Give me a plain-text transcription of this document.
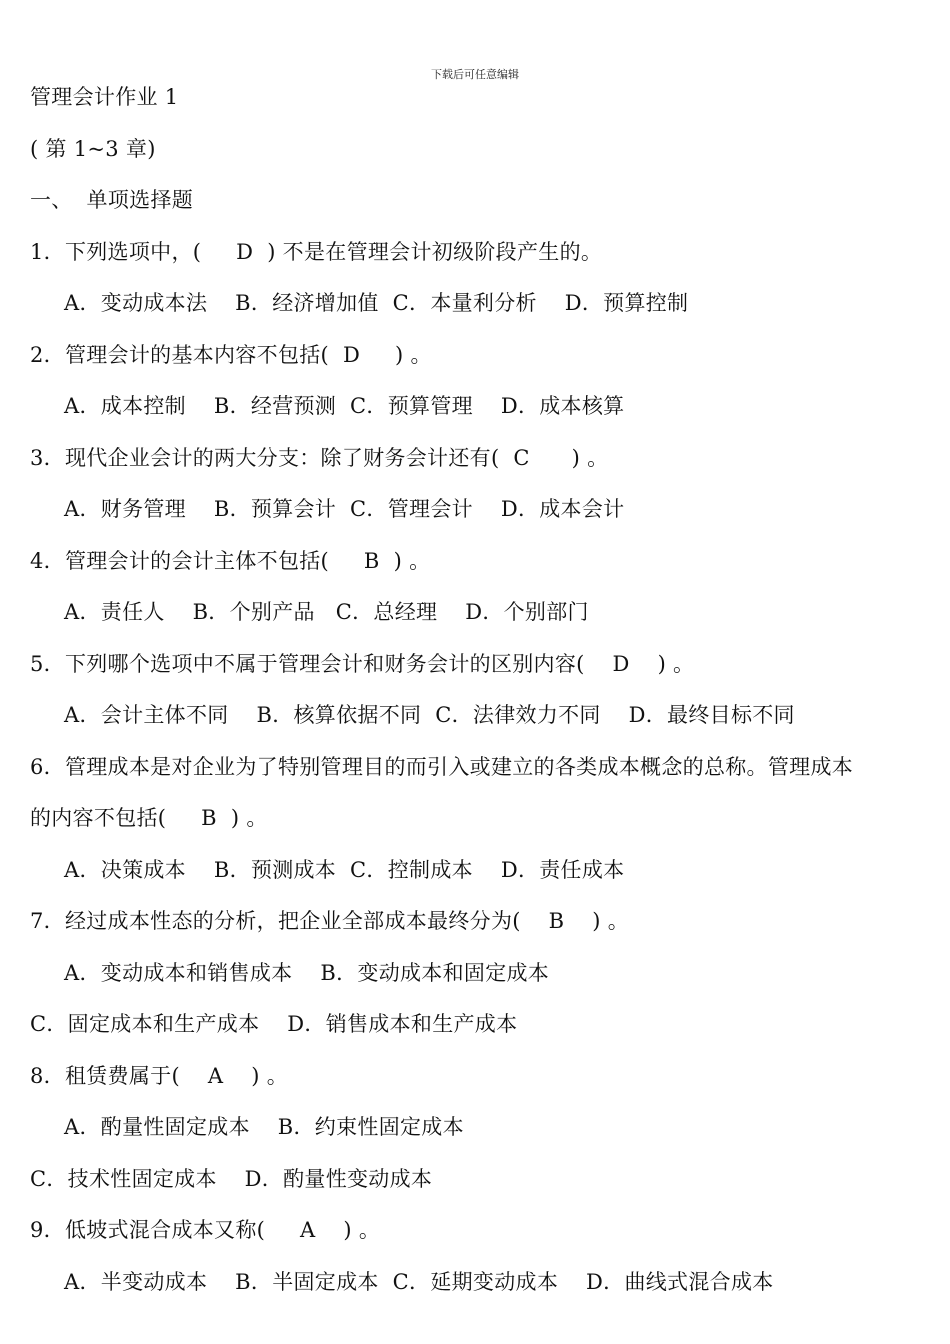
下载后可任意编辑
管理会计作业 1
( 第 1~3 章)
一、  单项选择题
1．下列选项中，(     D  ) 不是在管理会计初级阶段产生的。
A．变动成本法    B．经济增加值  C．本量利分析    D．预算控制
2．管理会计的基本内容不包括(  D     ) 。
A．成本控制    B．经营预测  C．预算管理    D．成本核算
3．现代企业会计的两大分支：除了财务会计还有(  C      ) 。
A．财务管理    B．预算会计  C．管理会计    D．成本会计
4．管理会计的会计主体不包括(     B  ) 。
A．责任人    B．个别产品   C．总经理    D．个别部门
5．下列哪个选项中不属于管理会计和财务会计的区别内容(    D    ) 。
A．会计主体不同    B．核算依据不同  C．法律效力不同    D．最终目标不同
6．管理成本是对企业为了特别管理目的而引入或建立的各类成本概念的总称。管理成本
的内容不包括(     B  ) 。
A．决策成本    B．预测成本  C．控制成本    D．责任成本
7．经过成本性态的分析，把企业全部成本最终分为(    B    ) 。
A．变动成本和销售成本    B．变动成本和固定成本
C．固定成本和生产成本    D．销售成本和生产成本
8．租赁费属于(    A    ) 。
A．酌量性固定成本    B．约束性固定成本
C．技术性固定成本    D．酌量性变动成本
9．低坡式混合成本又称(     A    ) 。
A．半变动成本    B．半固定成本  C．延期变动成本    D．曲线式混合成本
